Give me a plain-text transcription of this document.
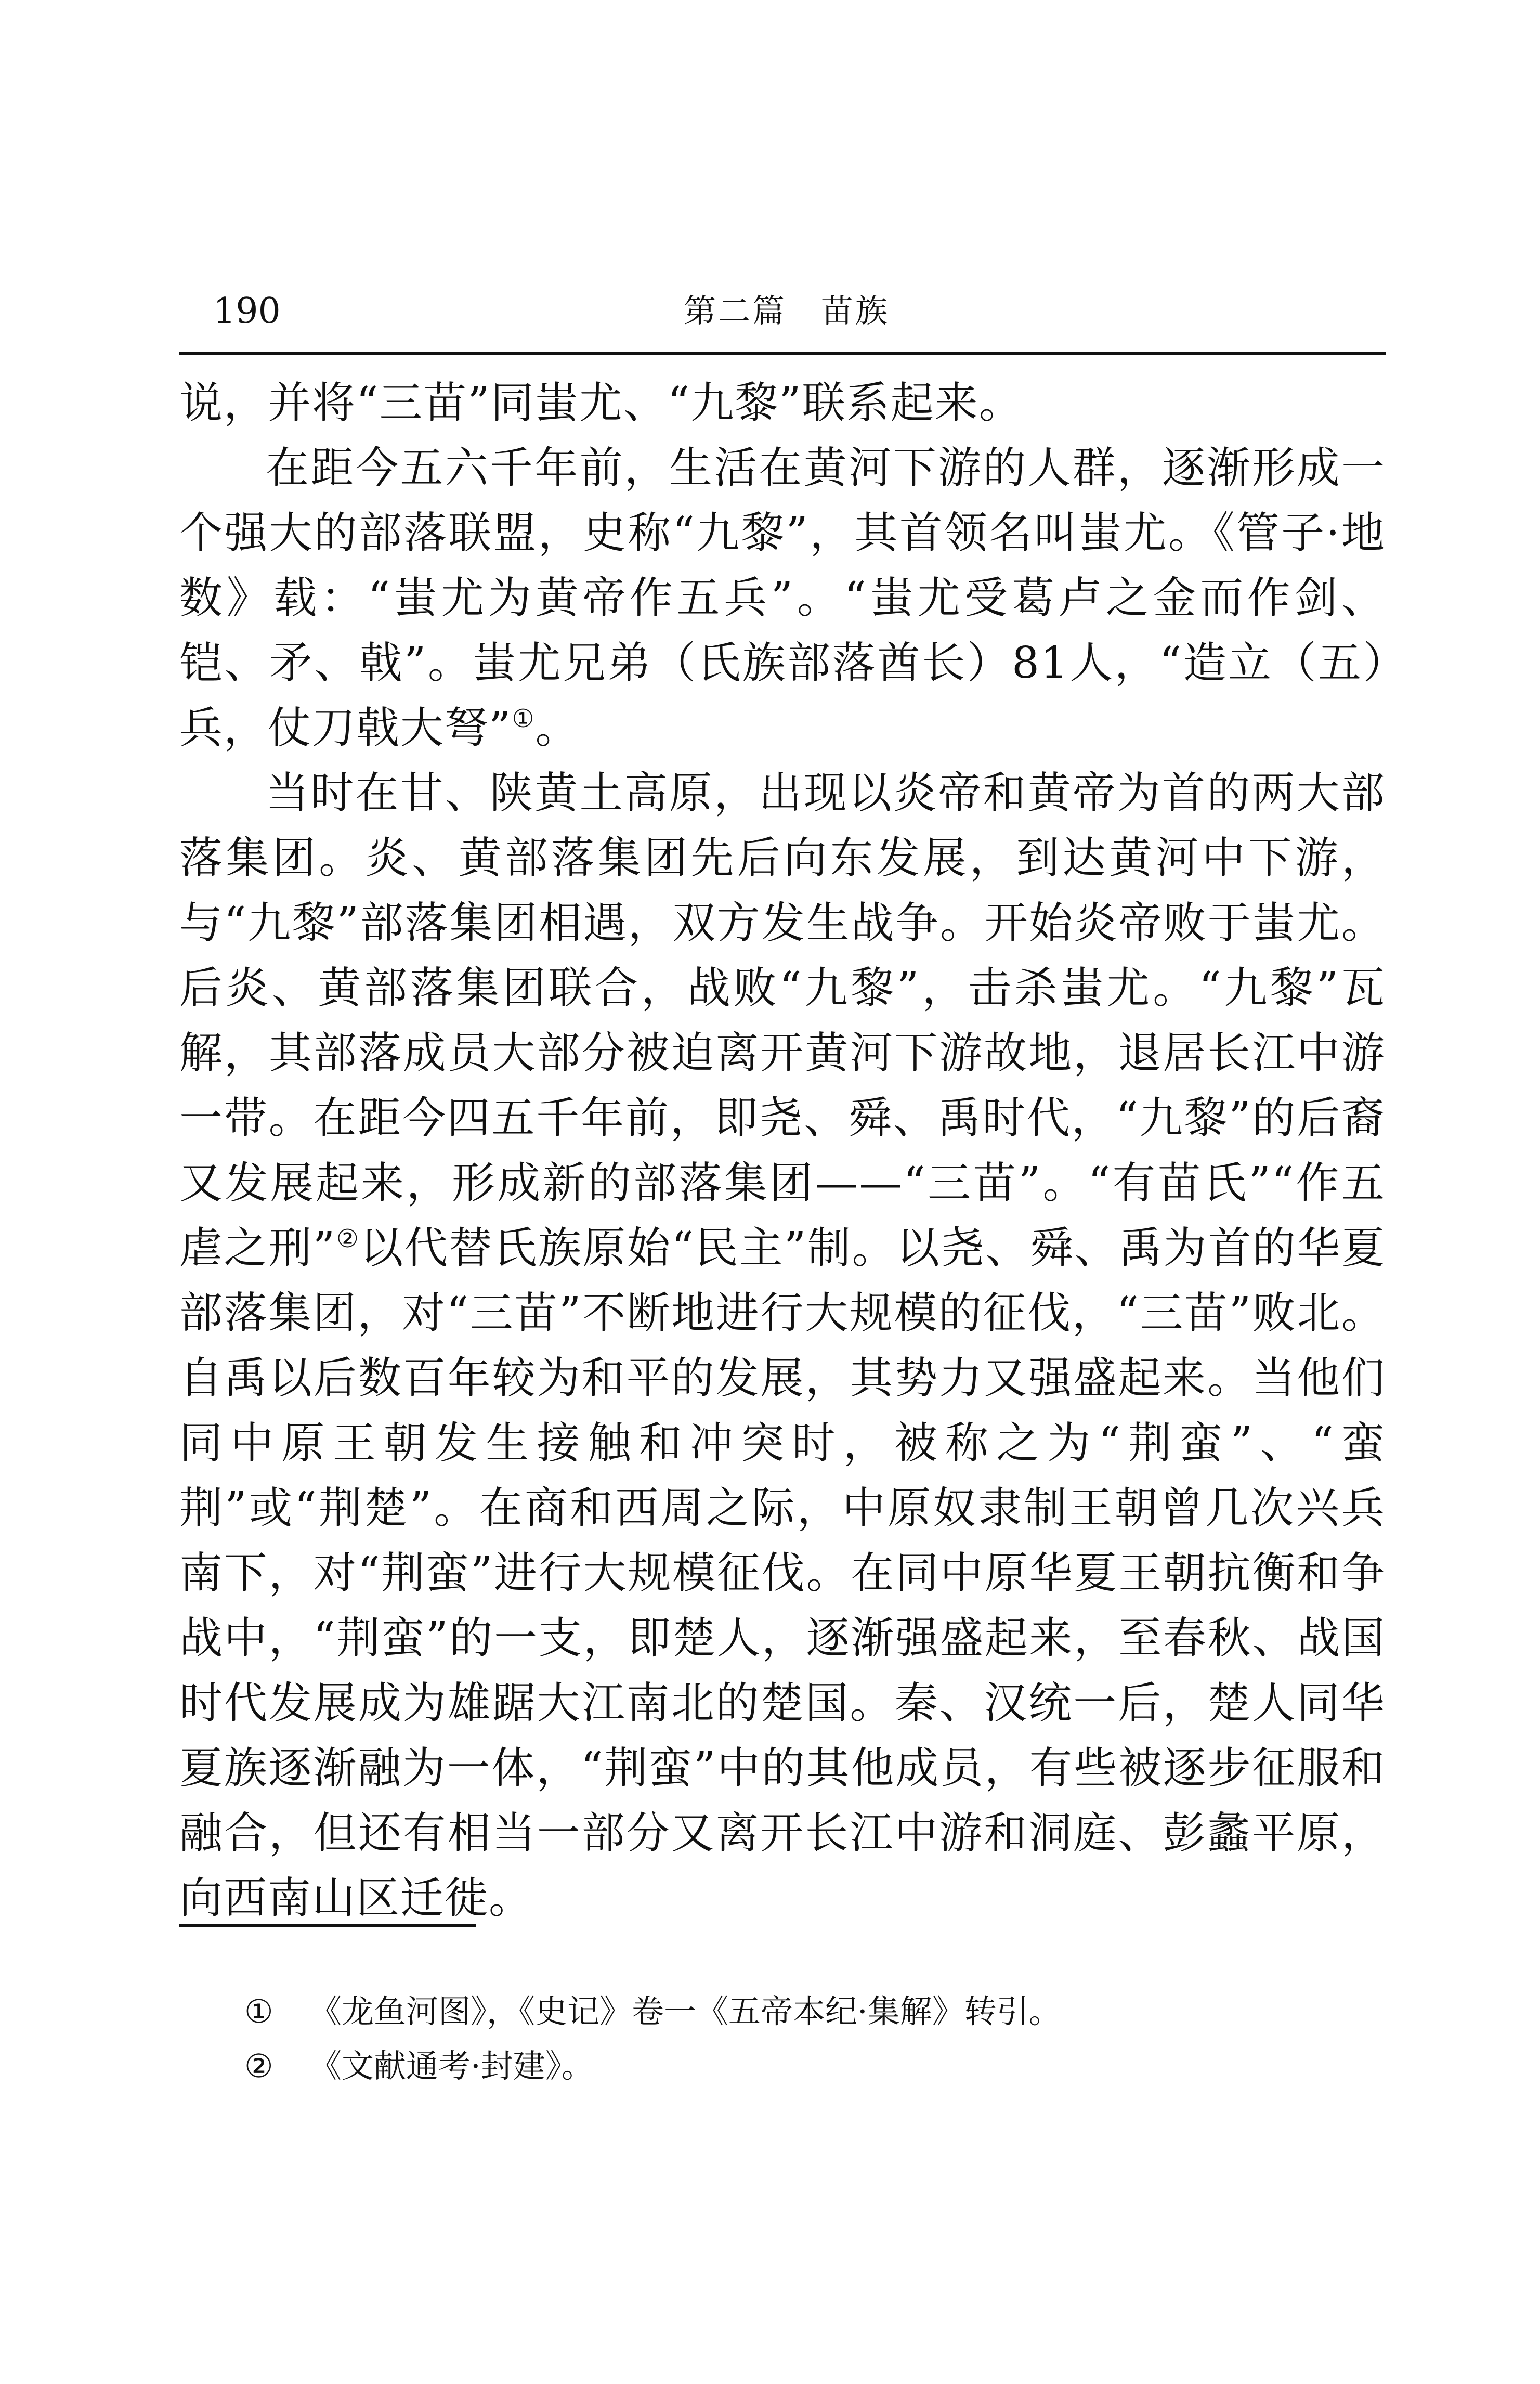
190	第二篇　苗族

说，并将“三苗”同蚩尤、“九黎”联系起来。

在距今五六千年前，生活在黄河下游的人群，逐渐形成一个强大的部落联盟，史称“九黎”，其首领名叫蚩尤。《管子·地数》载：“蚩尤为黄帝作五兵”。“蚩尤受葛卢之金而作剑、铠、矛、戟”。蚩尤兄弟（氏族部落酋长）81人，“造立（五）兵，仗刀戟大弩”①。

当时在甘、陕黄土高原，出现以炎帝和黄帝为首的两大部落集团。炎、黄部落集团先后向东发展，到达黄河中下游，与“九黎”部落集团相遇，双方发生战争。开始炎帝败于蚩尤。后炎、黄部落集团联合，战败“九黎”，击杀蚩尤。“九黎”瓦解，其部落成员大部分被迫离开黄河下游故地，退居长江中游一带。在距今四五千年前，即尧、舜、禹时代，“九黎”的后裔又发展起来，形成新的部落集团——“三苗”。“有苗氏”“作五虐之刑”②以代替氏族原始“民主”制。以尧、舜、禹为首的华夏部落集团，对“三苗”不断地进行大规模的征伐，“三苗”败北。自禹以后数百年较为和平的发展，其势力又强盛起来。当他们同中原王朝发生接触和冲突时，被称之为“荆蛮”、“蛮荆”或“荆楚”。在商和西周之际，中原奴隶制王朝曾几次兴兵南下，对“荆蛮”进行大规模征伐。在同中原华夏王朝抗衡和争战中，“荆蛮”的一支，即楚人，逐渐强盛起来，至春秋、战国时代发展成为雄踞大江南北的楚国。秦、汉统一后，楚人同华夏族逐渐融为一体，“荆蛮”中的其他成员，有些被逐步征服和融合，但还有相当一部分又离开长江中游和洞庭、彭蠡平原，向西南山区迁徙。

① 《龙鱼河图》，《史记》卷一《五帝本纪·集解》转引。
② 《文献通考·封建》。
